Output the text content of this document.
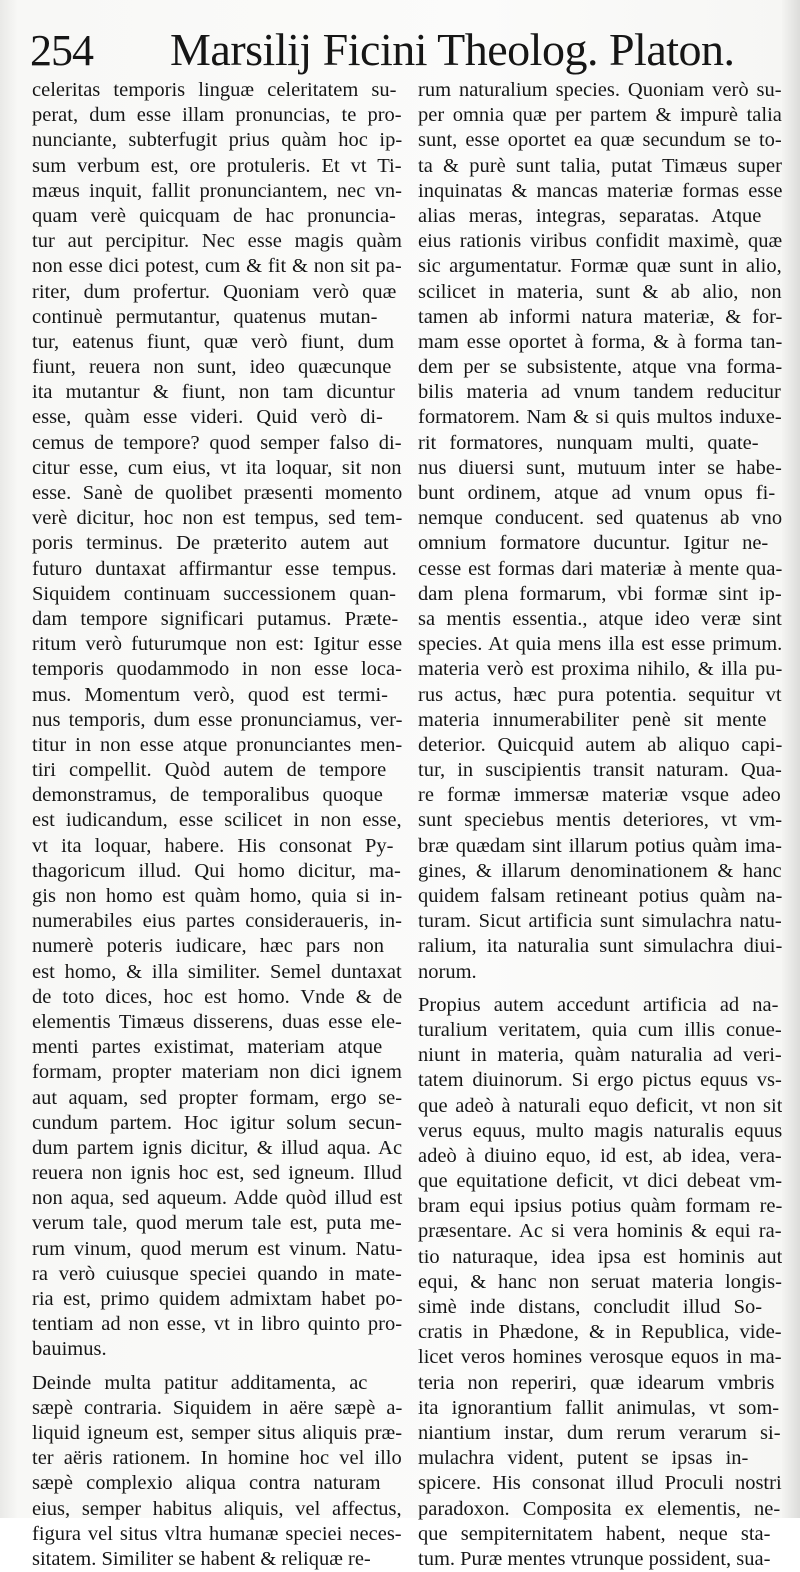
254 Marsilij Ficini Theolog. Platon.
celeritas temporis linguæ celeritatem su-
perat, dum esse illam pronuncias, te pro-
nunciante, subterfugit prius quàm hoc ip-
sum verbum est, ore protuleris. Et vt Ti-
mæus inquit, fallit pronunciantem, nec vn-
quam verè quicquam de hac pronuncia-
tur aut percipitur. Nec esse magis quàm
non esse dici potest, cum & fit & non sit pa-
riter, dum profertur. Quoniam verò quæ
continuè permutantur, quatenus mutan-
tur, eatenus fiunt, quæ verò fiunt, dum
fiunt, reuera non sunt, ideo quæcunque
ita mutantur & fiunt, non tam dicuntur
esse, quàm esse videri. Quid verò di-
cemus de tempore? quod semper falso di-
citur esse, cum eius, vt ita loquar, sit non
esse. Sanè de quolibet præsenti momento
verè dicitur, hoc non est tempus, sed tem-
poris terminus. De præterito autem aut
futuro duntaxat affirmantur esse tempus.
Siquidem continuam successionem quan-
dam tempore significari putamus. Præte-
ritum verò futurumque non est: Igitur esse
temporis quodammodo in non esse loca-
mus. Momentum verò, quod est termi-
nus temporis, dum esse pronunciamus, ver-
titur in non esse atque pronunciantes men-
tiri compellit. Quòd autem de tempore
demonstramus, de temporalibus quoque
est iudicandum, esse scilicet in non esse,
vt ita loquar, habere. His consonat Py-
thagoricum illud. Qui homo dicitur, ma-
gis non homo est quàm homo, quia si in-
numerabiles eius partes consideraueris, in-
numerè poteris iudicare, hæc pars non
est homo, & illa similiter. Semel duntaxat
de toto dices, hoc est homo. Vnde & de
elementis Timæus disserens, duas esse ele-
menti partes existimat, materiam atque
formam, propter materiam non dici ignem
aut aquam, sed propter formam, ergo se-
cundum partem. Hoc igitur solum secun-
dum partem ignis dicitur, & illud aqua. Ac
reuera non ignis hoc est, sed igneum. Illud
non aqua, sed aqueum. Adde quòd illud est
verum tale, quod merum tale est, puta me-
rum vinum, quod merum est vinum. Natu-
ra verò cuiusque speciei quando in mate-
ria est, primo quidem admixtam habet po-
tentiam ad non esse, vt in libro quinto pro-
bauimus.
Deinde multa patitur additamenta, ac
sæpè contraria. Siquidem in aëre sæpè a-
liquid igneum est, semper situs aliquis præ-
ter aëris rationem. In homine hoc vel illo
sæpè complexio aliqua contra naturam
eius, semper habitus aliquis, vel affectus,
figura vel situs vltra humanæ speciei neces-
sitatem. Similiter se habent & reliquæ re-
rum naturalium species. Quoniam verò su-
per omnia quæ per partem & impurè talia
sunt, esse oportet ea quæ secundum se to-
ta & purè sunt talia, putat Timæus super
inquinatas & mancas materiæ formas esse
alias meras, integras, separatas. Atque
eius rationis viribus confidit maximè, quæ
sic argumentatur. Formæ quæ sunt in alio,
scilicet in materia, sunt & ab alio, non
tamen ab informi natura materiæ, & for-
mam esse oportet à forma, & à forma tan-
dem per se subsistente, atque vna forma-
bilis materia ad vnum tandem reducitur
formatorem. Nam & si quis multos induxe-
rit formatores, nunquam multi, quate-
nus diuersi sunt, mutuum inter se habe-
bunt ordinem, atque ad vnum opus fi-
nemque conducent. sed quatenus ab vno
omnium formatore ducuntur. Igitur ne-
cesse est formas dari materiæ à mente qua-
dam plena formarum, vbi formæ sint ip-
sa mentis essentia., atque ideo veræ sint
species. At quia mens illa est esse primum.
materia verò est proxima nihilo, & illa pu-
rus actus, hæc pura potentia. sequitur vt
materia innumerabiliter penè sit mente
deterior. Quicquid autem ab aliquo capi-
tur, in suscipientis transit naturam. Qua-
re formæ immersæ materiæ vsque adeo
sunt speciebus mentis deteriores, vt vm-
bræ quædam sint illarum potius quàm ima-
gines, & illarum denominationem & hanc
quidem falsam retineant potius quàm na-
turam. Sicut artificia sunt simulachra natu-
ralium, ita naturalia sunt simulachra diui-
norum.
Propius autem accedunt artificia ad na-
turalium veritatem, quia cum illis conue-
niunt in materia, quàm naturalia ad veri-
tatem diuinorum. Si ergo pictus equus vs-
que adeò à naturali equo deficit, vt non sit
verus equus, multo magis naturalis equus
adeò à diuino equo, id est, ab idea, vera-
que equitatione deficit, vt dici debeat vm-
bram equi ipsius potius quàm formam re-
præsentare. Ac si vera hominis & equi ra-
tio naturaque, idea ipsa est hominis aut
equi, & hanc non seruat materia longis-
simè inde distans, concludit illud So-
cratis in Phædone, & in Republica, vide-
licet veros homines verosque equos in ma-
teria non reperiri, quæ idearum vmbris
ita ignorantium fallit animulas, vt som-
niantium instar, dum rerum verarum si-
mulachra vident, putent se ipsas in-
spicere. His consonat illud Proculi nostri
paradoxon. Composita ex elementis, ne-
que sempiternitatem habent, neque sta-
tum. Puræ mentes vtrunque possident, sua-
